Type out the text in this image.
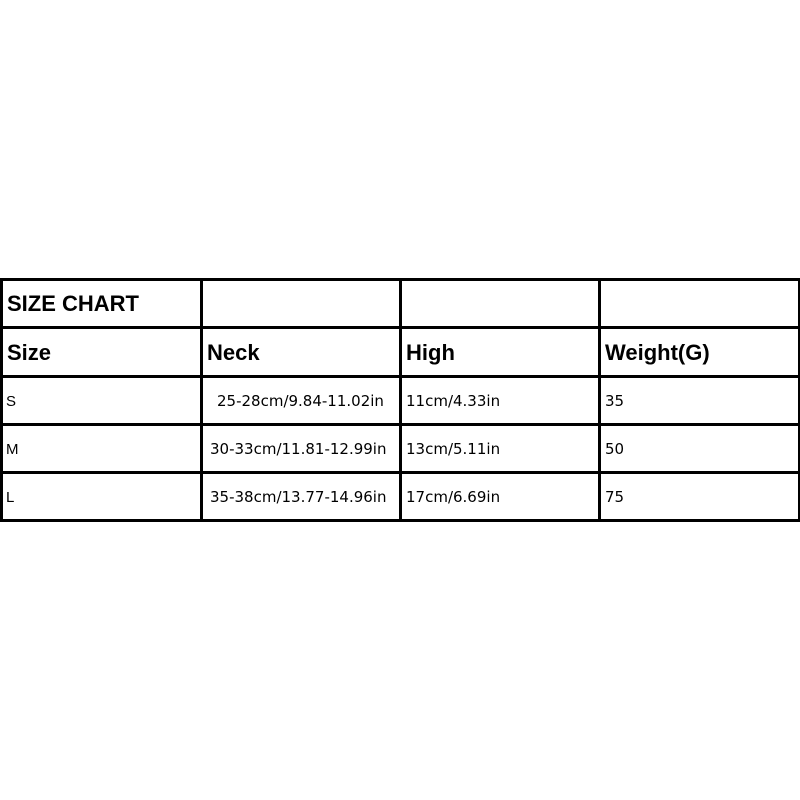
SIZE CHART			
Size	Neck	High	Weight(G)
S	25-28cm/9.84-11.02in	11cm/4.33in	35
M	30-33cm/11.81-12.99in	13cm/5.11in	50
L	35-38cm/13.77-14.96in	17cm/6.69in	75
